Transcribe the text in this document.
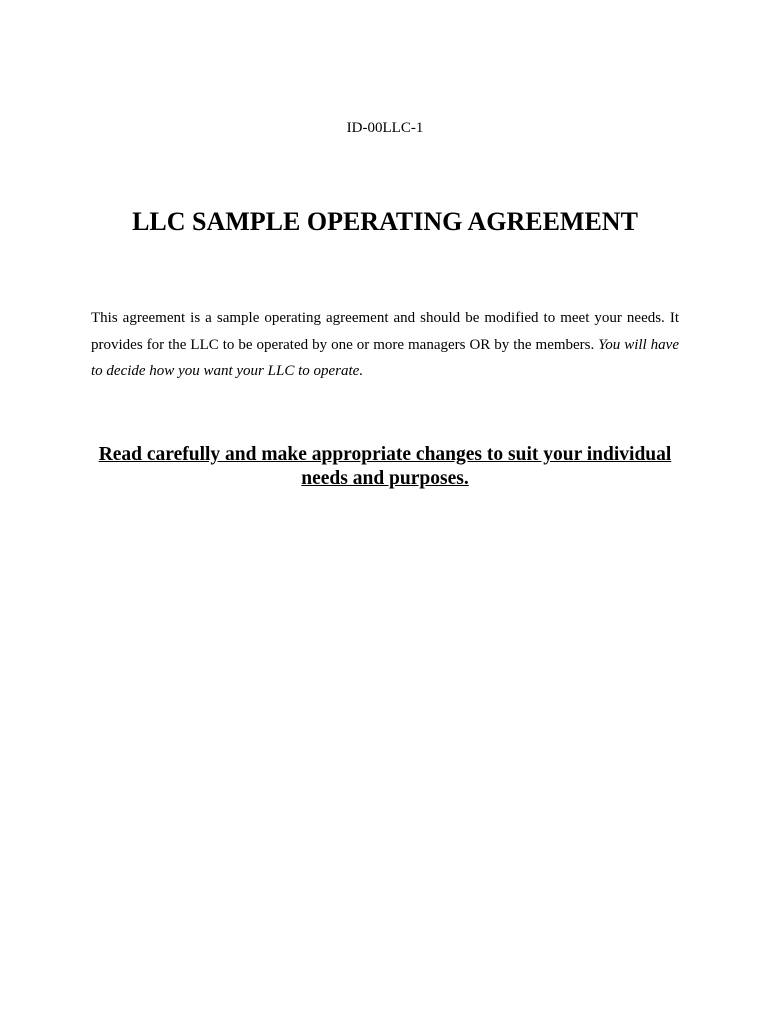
ID-00LLC-1
LLC SAMPLE OPERATING AGREEMENT

This agreement is a sample operating agreement and should be modified to meet your needs. It provides for the LLC to be operated by one or more managers OR by the members. You will have to decide how you want your LLC to operate.

Read carefully and make appropriate changes to suit your individual needs and purposes.
